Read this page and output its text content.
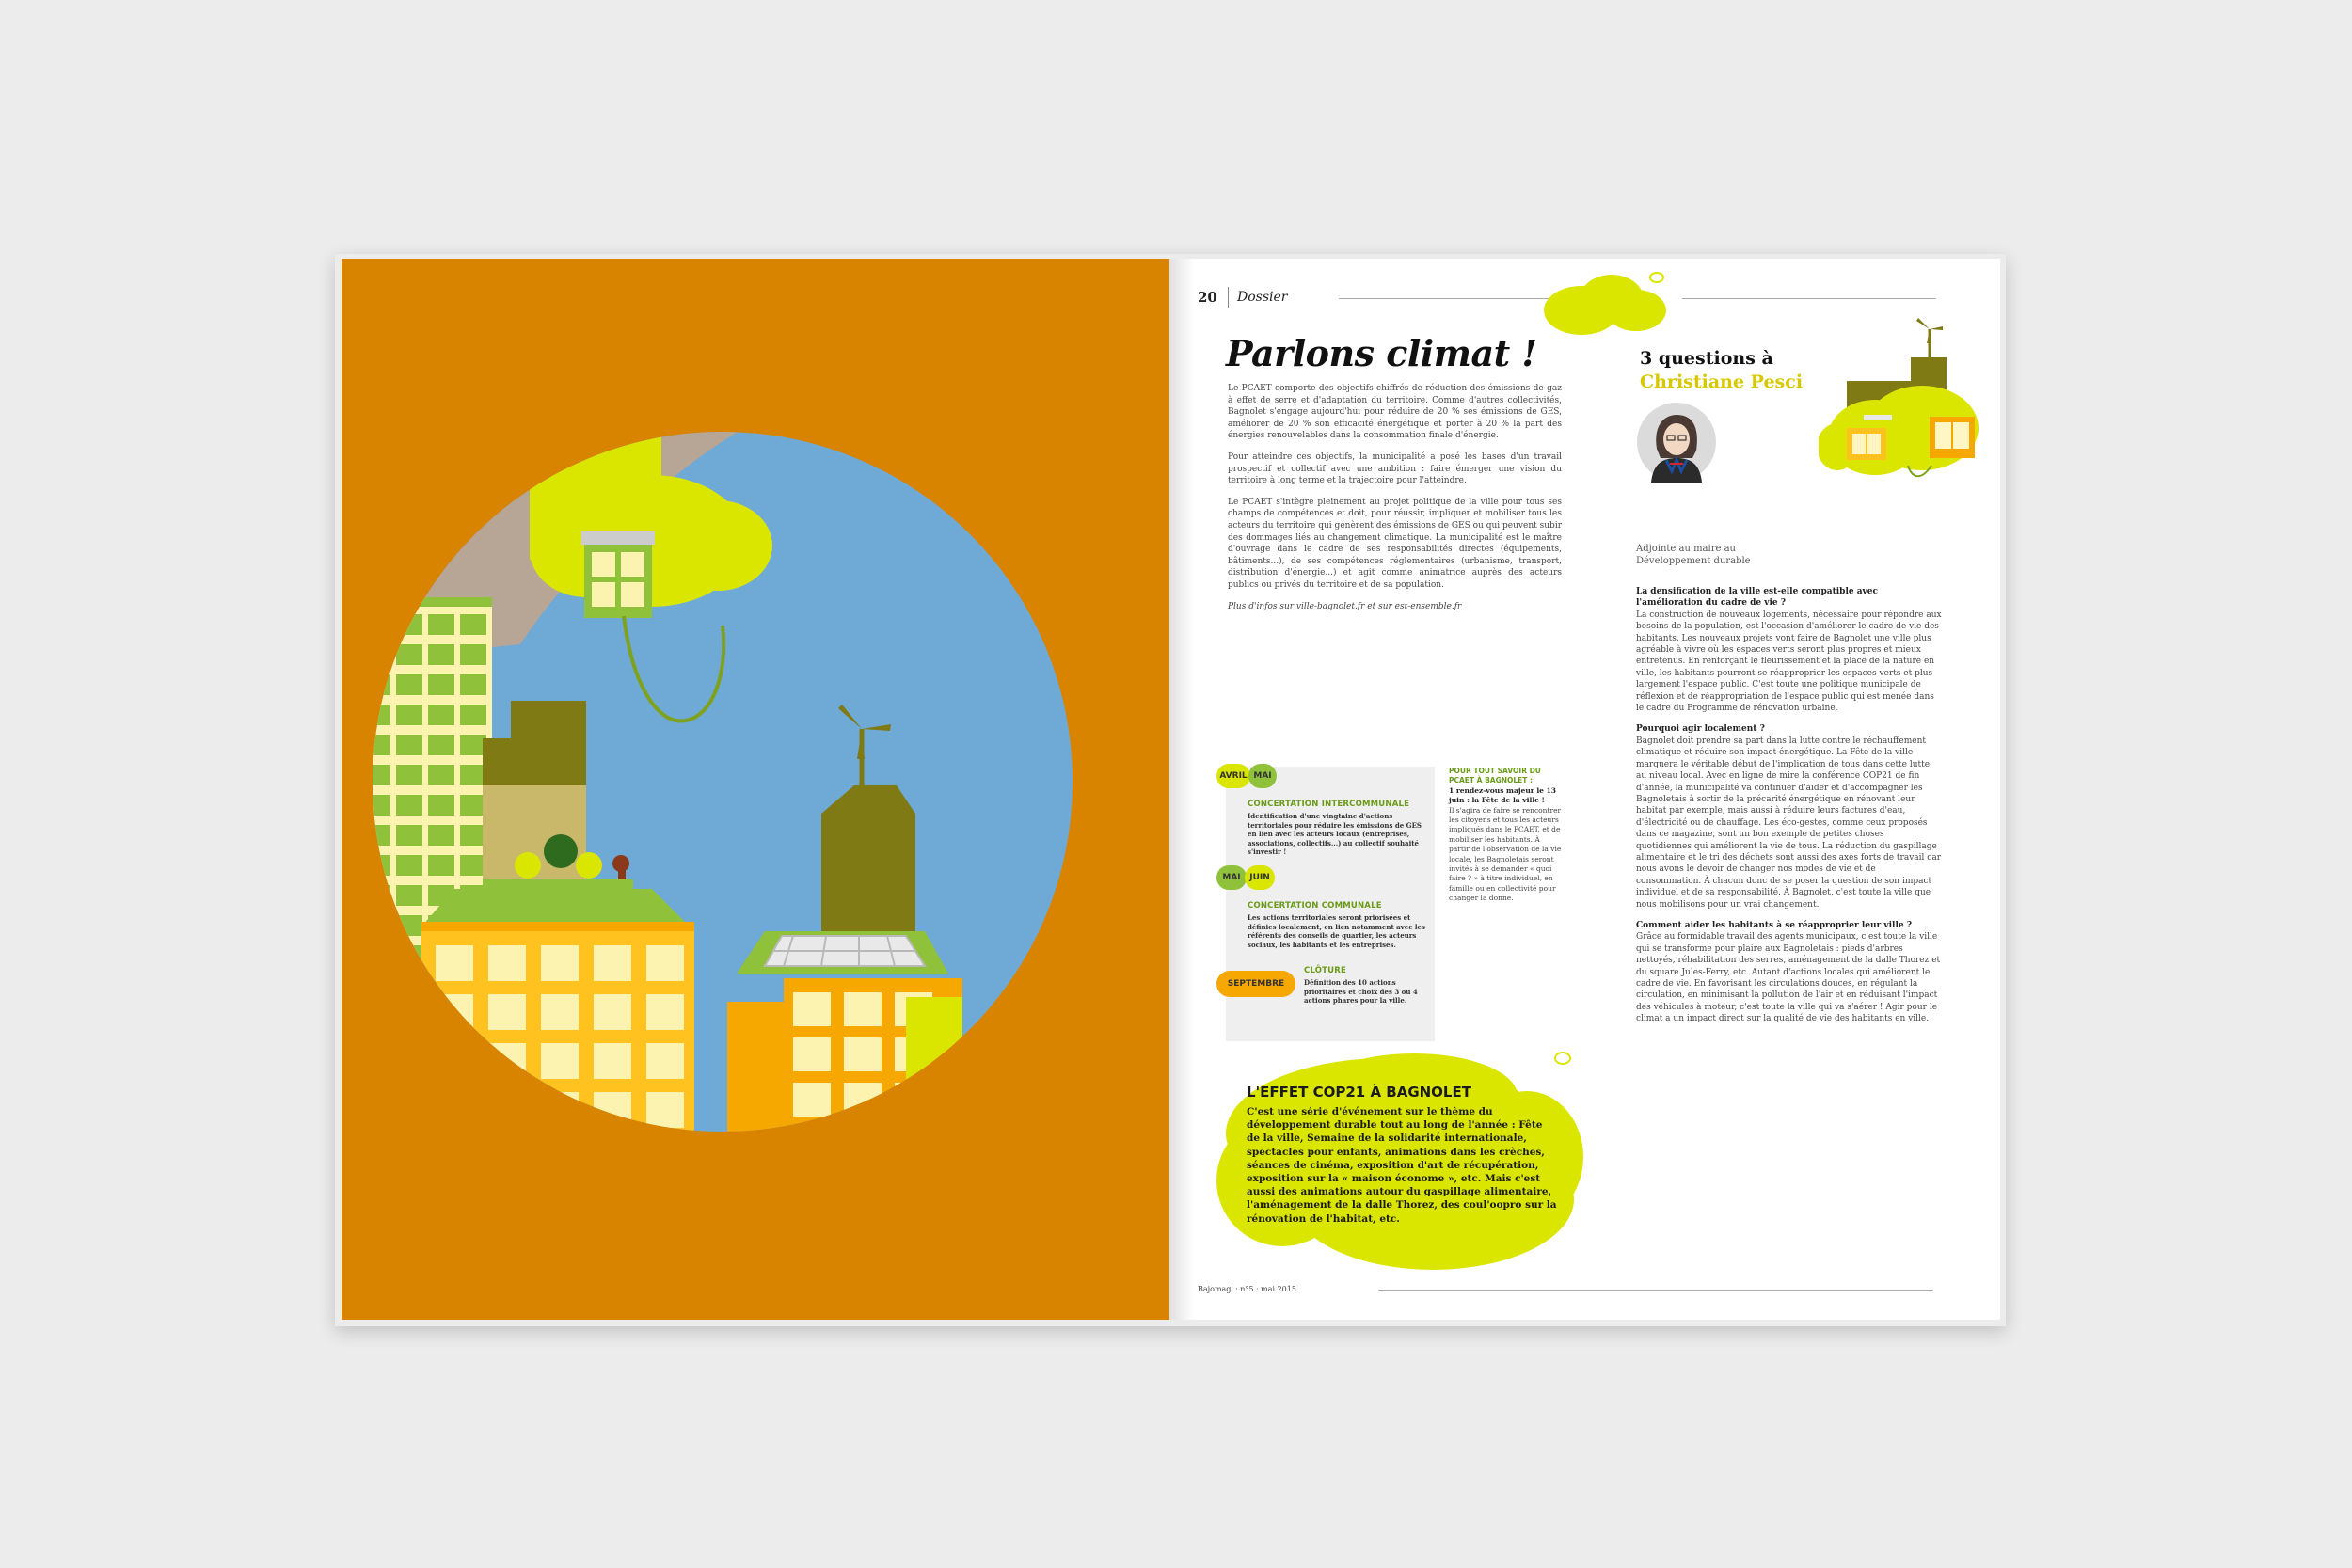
20 Dossier
Parlons climat !

Le PCAET comporte des objectifs chiffrés de réduction des émissions de gaz à effet de serre et d'adaptation du territoire. Comme d'autres collectivités, Bagnolet s'engage aujourd'hui pour réduire de 20 % ses émissions de GES, améliorer de 20 % son efficacité énergétique et porter à 20 % la part des énergies renouvelables dans la consommation finale d'énergie.

Pour atteindre ces objectifs, la municipalité a posé les bases d'un travail prospectif et collectif avec une ambition : faire émerger une vision du territoire à long terme et la trajectoire pour l'atteindre.

Le PCAET s'intègre pleinement au projet politique de la ville pour tous ses champs de compétences et doit, pour réussir, impliquer et mobiliser tous les acteurs du territoire qui génèrent des émissions de GES ou qui peuvent subir des dommages liés au changement climatique. La municipalité est le maître d'ouvrage dans le cadre de ses responsabilités directes (équipements, bâtiments...), de ses compétences réglementaires (urbanisme, transport, distribution d'énergie...) et agit comme animatrice auprès des acteurs publics ou privés du territoire et de sa population.

Plus d'infos sur ville-bagnolet.fr et sur est-ensemble.fr

AVRIL MAI
CONCERTATION INTERCOMMUNALE
Identification d'une vingtaine d'actions territoriales pour réduire les émissions de GES en lien avec les acteurs locaux (entreprises, associations, collectifs...) au collectif souhaité s'investir !
MAI	JUIN
CONCERTATION COMMUNALE
Les actions territoriales seront priorisées et définies localement, en lien notamment avec les référents des conseils de quartier, les acteurs sociaux, les habitants et les entreprises.
SEPTEMBRE
CLÔTURE
Définition des 10 actions prioritaires et choix des 3 ou 4 actions phares pour la ville.
POUR TOUT SAVOIR DU PCAET À BAGNOLET :
1 rendez-vous majeur le 13 juin : la Fête de la ville !
Il s'agira de faire se rencontrer les citoyens et tous les acteurs impliqués dans le PCAET, et de mobiliser les habitants. À partir de l'observation de la vie locale, les Bagnoletais seront invités à se demander « quoi faire ? » à titre individuel, en famille ou en collectivité pour changer la donne.
L'EFFET COP21 À BAGNOLET
C'est une série d'événement sur le thème du développement durable tout au long de l'année : Fête de la ville, Semaine de la solidarité internationale, spectacles pour enfants, animations dans les crèches, séances de cinéma, exposition d'art de récupération, exposition sur la « maison économe », etc. Mais c'est aussi des animations autour du gaspillage alimentaire, l'aménagement de la dalle Thorez, des coul'oopro sur la rénovation de l'habitat, etc.
3 questions à
Christiane Pesci
Adjointe au maire au Développement durable

La densification de la ville est-elle compatible avec l'amélioration du cadre de vie ?

La construction de nouveaux logements, nécessaire pour répondre aux besoins de la population, est l'occasion d'améliorer le cadre de vie des habitants. Les nouveaux projets vont faire de Bagnolet une ville plus agréable à vivre où les espaces verts seront plus propres et mieux entretenus. En renforçant le fleurissement et la place de la nature en ville, les habitants pourront se réapproprier les espaces verts et plus largement l'espace public. C'est toute une politique municipale de réflexion et de réappropriation de l'espace public qui est menée dans le cadre du Programme de rénovation urbaine.

Pourquoi agir localement ?

Bagnolet doit prendre sa part dans la lutte contre le réchauffement climatique et réduire son impact énergétique. La Fête de la ville marquera le véritable début de l'implication de tous dans cette lutte au niveau local. Avec en ligne de mire la conférence COP21 de fin d'année, la municipalité va continuer d'aider et d'accompagner les Bagnoletais à sortir de la précarité énergétique en rénovant leur habitat par exemple, mais aussi à réduire leurs factures d'eau, d'électricité ou de chauffage. Les éco-gestes, comme ceux proposés dans ce magazine, sont un bon exemple de petites choses quotidiennes qui améliorent la vie de tous. La réduction du gaspillage alimentaire et le tri des déchets sont aussi des axes forts de travail car nous avons le devoir de changer nos modes de vie et de consommation. À chacun donc de se poser la question de son impact individuel et de sa responsabilité. À Bagnolet, c'est toute la ville que nous mobilisons pour un vrai changement.

Comment aider les habitants à se réapproprier leur ville ?

Grâce au formidable travail des agents municipaux, c'est toute la ville qui se transforme pour plaire aux Bagnoletais : pieds d'arbres nettoyés, réhabilitation des serres, aménagement de la dalle Thorez et du square Jules-Ferry, etc. Autant d'actions locales qui améliorent le cadre de vie. En favorisant les circulations douces, en régulant la circulation, en minimisant la pollution de l'air et en réduisant l'impact des véhicules à moteur, c'est toute la ville qui va s'aérer ! Agir pour le climat a un impact direct sur la qualité de vie des habitants en ville.

Bajomag' · n°5 · mai 2015
